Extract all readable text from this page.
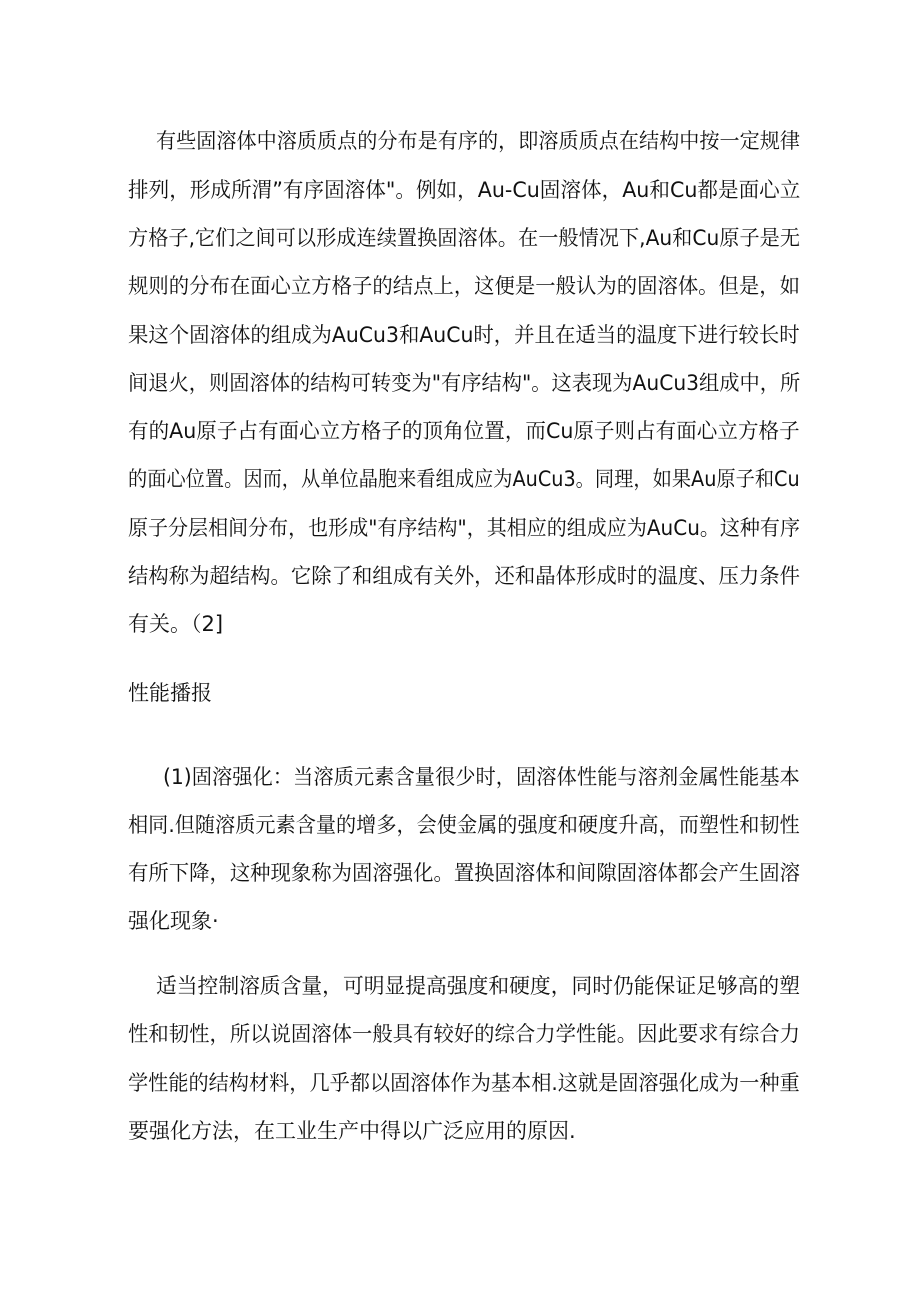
有些固溶体中溶质质点的分布是有序的，即溶质质点在结构中按一定规律

排列，形成所渭”有序固溶体"。例如，Au-Cu固溶体，Au和Cu都是面心立

方格子,它们之间可以形成连续置换固溶体。在一般情况下,Au和Cu原子是无

规则的分布在面心立方格子的结点上，这便是一般认为的固溶体。但是，如

果这个固溶体的组成为AuCu3和AuCu时，并且在适当的温度下进行较长时

间退火，则固溶体的结构可转变为"有序结构"。这表现为AuCu3组成中，所

有的Au原子占有面心立方格子的顶角位置，而Cu原子则占有面心立方格子

的面心位置。因而，从单位晶胞来看组成应为AuCu3。同理，如果Au原子和Cu

原子分层相间分布，也形成"有序结构"，其相应的组成应为AuCu。这种有序

结构称为超结构。它除了和组成有关外，还和晶体形成时的温度、压力条件

有关。（2]

性能播报

(1)固溶强化：当溶质元素含量很少时，固溶体性能与溶剂金属性能基本

相同.但随溶质元素含量的增多，会使金属的强度和硬度升高，而塑性和韧性

有所下降，这种现象称为固溶强化。置换固溶体和间隙固溶体都会产生固溶

强化现象·

适当控制溶质含量，可明显提高强度和硬度，同时仍能保证足够高的塑

性和韧性，所以说固溶体一般具有较好的综合力学性能。因此要求有综合力

学性能的结构材料，几乎都以固溶体作为基本相.这就是固溶强化成为一种重

要强化方法，在工业生产中得以广泛应用的原因.
